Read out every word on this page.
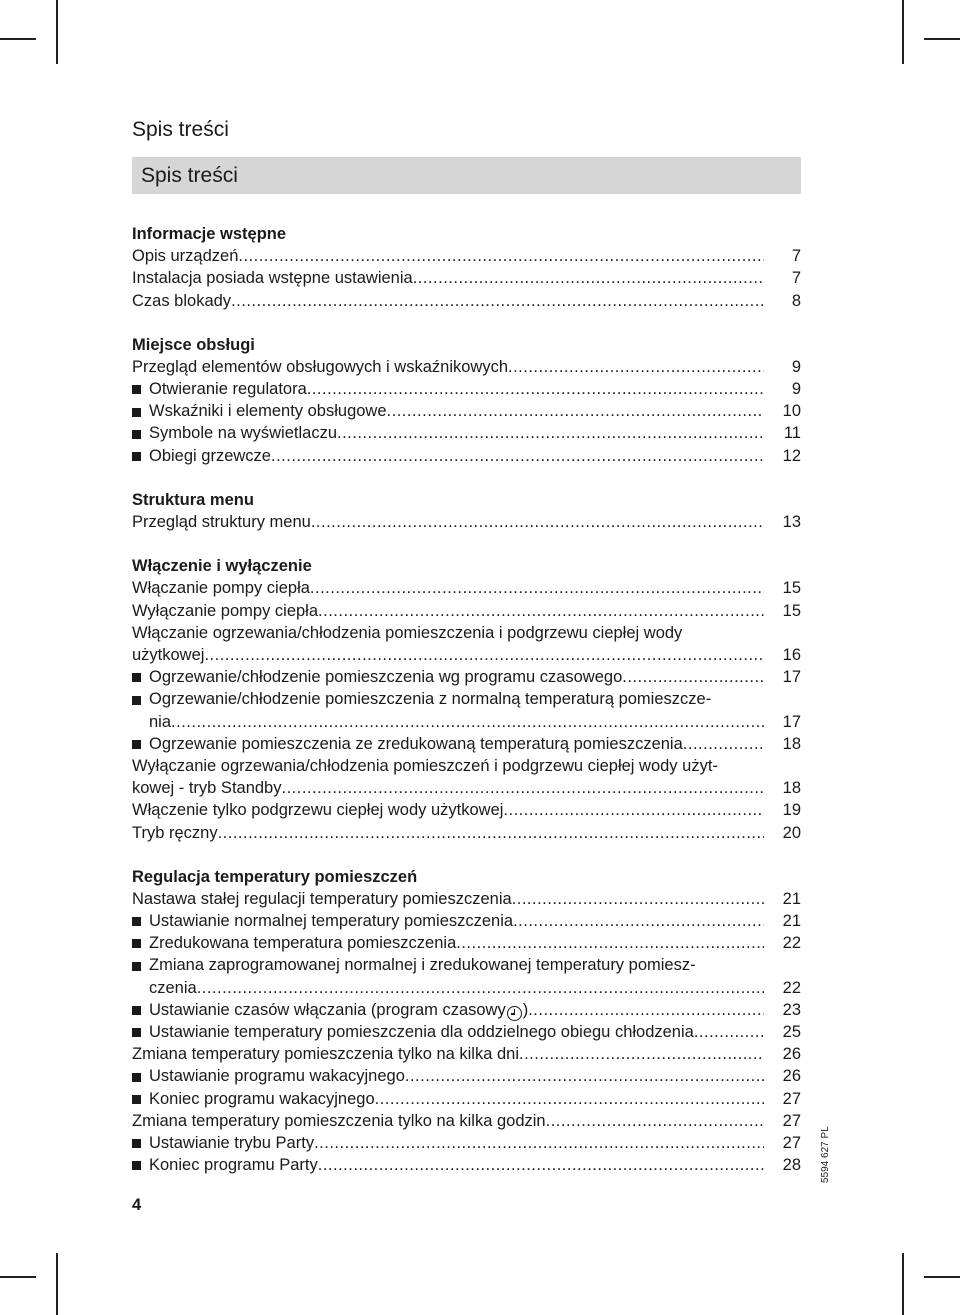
Spis treści
Spis treści
Informacje wstępne
Opis urządzeń .....	7
Instalacja posiada wstępne ustawienia .....	7
Czas blokady .....	8
Miejsce obsługi
Przegląd elementów obsługowych i wskaźnikowych .....	9
Otwieranie regulatora .....	9
Wskaźniki i elementy obsługowe .....	10
Symbole na wyświetlaczu .....	11
Obiegi grzewcze .....	12
Struktura menu
Przegląd struktury menu .....	13
Włączenie i wyłączenie
Włączanie pompy ciepła .....	15
Wyłączanie pompy ciepła .....	15
Włączanie ogrzewania/chłodzenia pomieszczenia i podgrzewu ciepłej wody
użytkowej .....	16
Ogrzewanie/chłodzenie pomieszczenia wg programu czasowego .....	17
Ogrzewanie/chłodzenie pomieszczenia z normalną temperaturą pomieszcze-
nia .....	17
Ogrzewanie pomieszczenia ze zredukowaną temperaturą pomieszczenia .....	18
Wyłączanie ogrzewania/chłodzenia pomieszczeń i podgrzewu ciepłej wody użyt-
kowej - tryb Standby .....	18
Włączenie tylko podgrzewu ciepłej wody użytkowej .....	19
Tryb ręczny .....	20
Regulacja temperatury pomieszczeń
Nastawa stałej regulacji temperatury pomieszczenia .....	21
Ustawianie normalnej temperatury pomieszczenia .....	21
Zredukowana temperatura pomieszczenia .....	22
Zmiana zaprogramowanej normalnej i zredukowanej temperatury pomiesz-
czenia .....	22
Ustawianie czasów włączania (program czasowy ) .....	23
Ustawianie temperatury pomieszczenia dla oddzielnego obiegu chłodzenia .....	25
Zmiana temperatury pomieszczenia tylko na kilka dni .....	26
Ustawianie programu wakacyjnego .....	26
Koniec programu wakacyjnego .....	27
Zmiana temperatury pomieszczenia tylko na kilka godzin .....	27
Ustawianie trybu Party .....	27
Koniec programu Party .....	28
4
5594 627 PL
